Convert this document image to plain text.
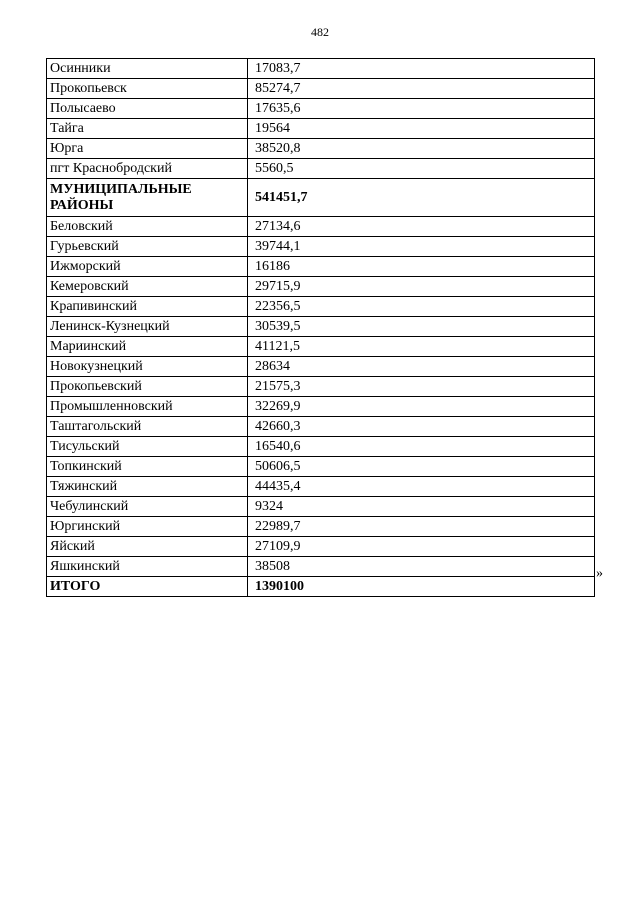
482
Осинники	17083,7
Прокопьевск	85274,7
Полысаево	17635,6
Тайга	19564
Юрга	38520,8
пгт Краснобродский	5560,5
МУНИЦИПАЛЬНЫЕ РАЙОНЫ	541451,7
Беловский	27134,6
Гурьевский	39744,1
Ижморский	16186
Кемеровский	29715,9
Крапивинский	22356,5
Ленинск-Кузнецкий	30539,5
Мариинский	41121,5
Новокузнецкий	28634
Прокопьевский	21575,3
Промышленновский	32269,9
Таштагольский	42660,3
Тисульский	16540,6
Топкинский	50606,5
Тяжинский	44435,4
Чебулинский	9324
Юргинский	22989,7
Яйский	27109,9
Яшкинский	38508
ИТОГО	1390100
»
